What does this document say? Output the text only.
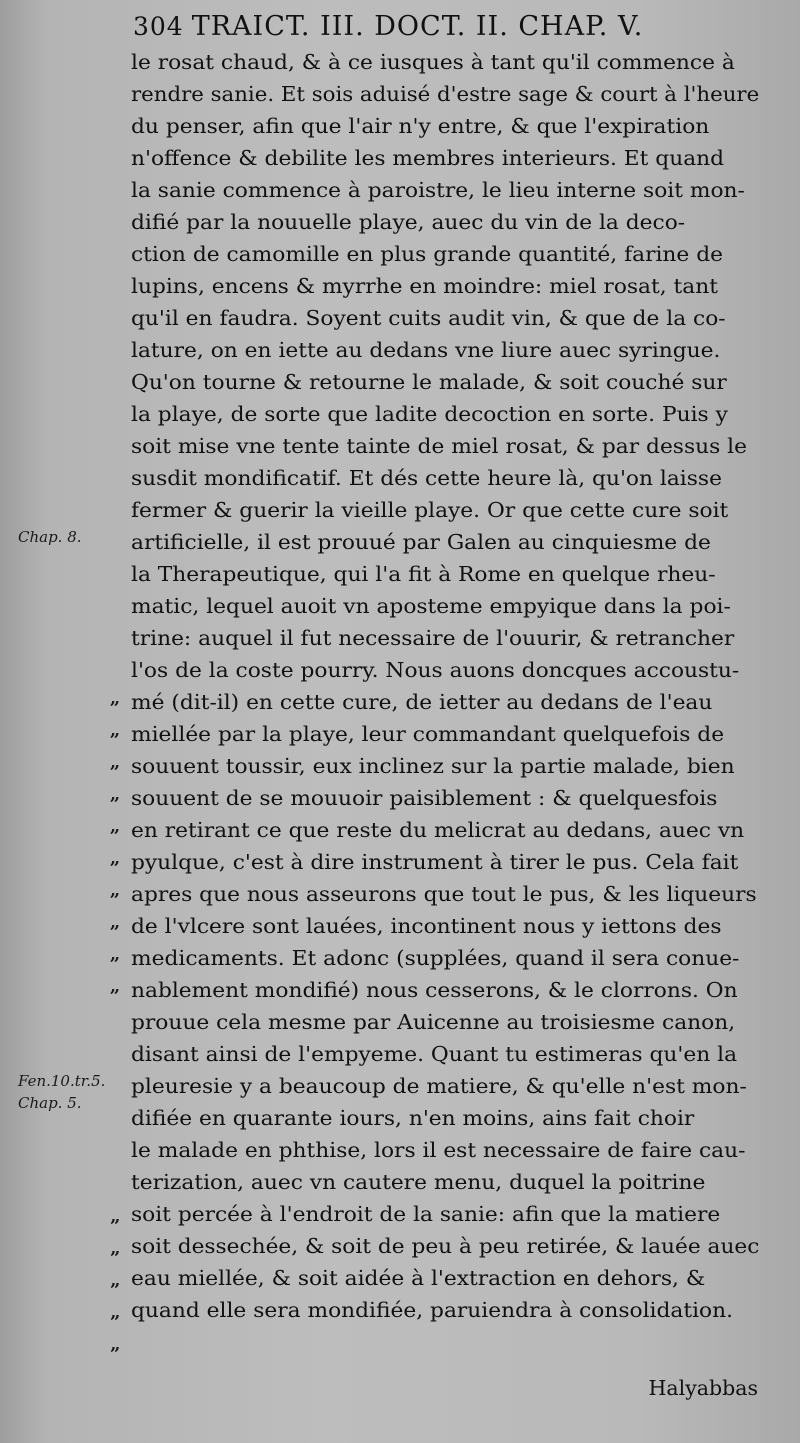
304 TRAICT. III. DOCT. II. CHAP. V.
le rosat chaud, & à ce iusques à tant qu'il commence à
rendre sanie. Et sois aduisé d'estre sage & court à l'heure
du penser, afin que l'air n'y entre, & que l'expiration
n'offence & debilite les membres interieurs. Et quand
la sanie commence à paroistre, le lieu interne soit mon-
difié par la nouuelle playe, auec du vin de la deco-
ction de camomille en plus grande quantité, farine de
lupins, encens & myrrhe en moindre: miel rosat, tant
qu'il en faudra. Soyent cuits audit vin, & que de la co-
lature, on en iette au dedans vne liure auec syringue.
Qu'on tourne & retourne le malade, & soit couché sur
la playe, de sorte que ladite decoction en sorte. Puis y
soit mise vne tente tainte de miel rosat, & par dessus le
susdit mondificatif. Et dés cette heure là, qu'on laisse
fermer & guerir la vieille playe. Or que cette cure soit
artificielle, il est prouué par Galen au cinquiesme de
la Therapeutique, qui l'a fit à Rome en quelque rheu-
matic, lequel auoit vn aposteme empyique dans la poi-
trine: auquel il fut necessaire de l'ouurir, & retrancher
l'os de la coste pourry. Nous auons doncques accoustu-
mé (dit-il) en cette cure, de ietter au dedans de l'eau
miellée par la playe, leur commandant quelquefois de
souuent toussir, eux inclinez sur la partie malade, bien
souuent de se mouuoir paisiblement : & quelquesfois
en retirant ce que reste du melicrat au dedans, auec vn
pyulque, c'est à dire instrument à tirer le pus. Cela fait
apres que nous asseurons que tout le pus, & les liqueurs
de l'vlcere sont lauées, incontinent nous y iettons des
medicaments. Et adonc (supplées, quand il sera conue-
nablement mondifié) nous cesserons, & le clorrons. On
prouue cela mesme par Auicenne au troisiesme canon,
disant ainsi de l'empyeme. Quant tu estimeras qu'en la
pleuresie y a beaucoup de matiere, & qu'elle n'est mon-
difiée en quarante iours, n'en moins, ains fait choir
le malade en phthise, lors il est necessaire de faire cau-
terization, auec vn cautere menu, duquel la poitrine
soit percée à l'endroit de la sanie: afin que la matiere
soit dessechée, & soit de peu à peu retirée, & lauée auec
eau miellée, & soit aidée à l'extraction en dehors, &
quand elle sera mondifiée, paruiendra à consolidation.
Chap. 8.
Fen.10.tr.5.
Chap. 5.
„
„
„
„
„
„
„
„
„
„
”
”
”
”
”
Halyabbas
